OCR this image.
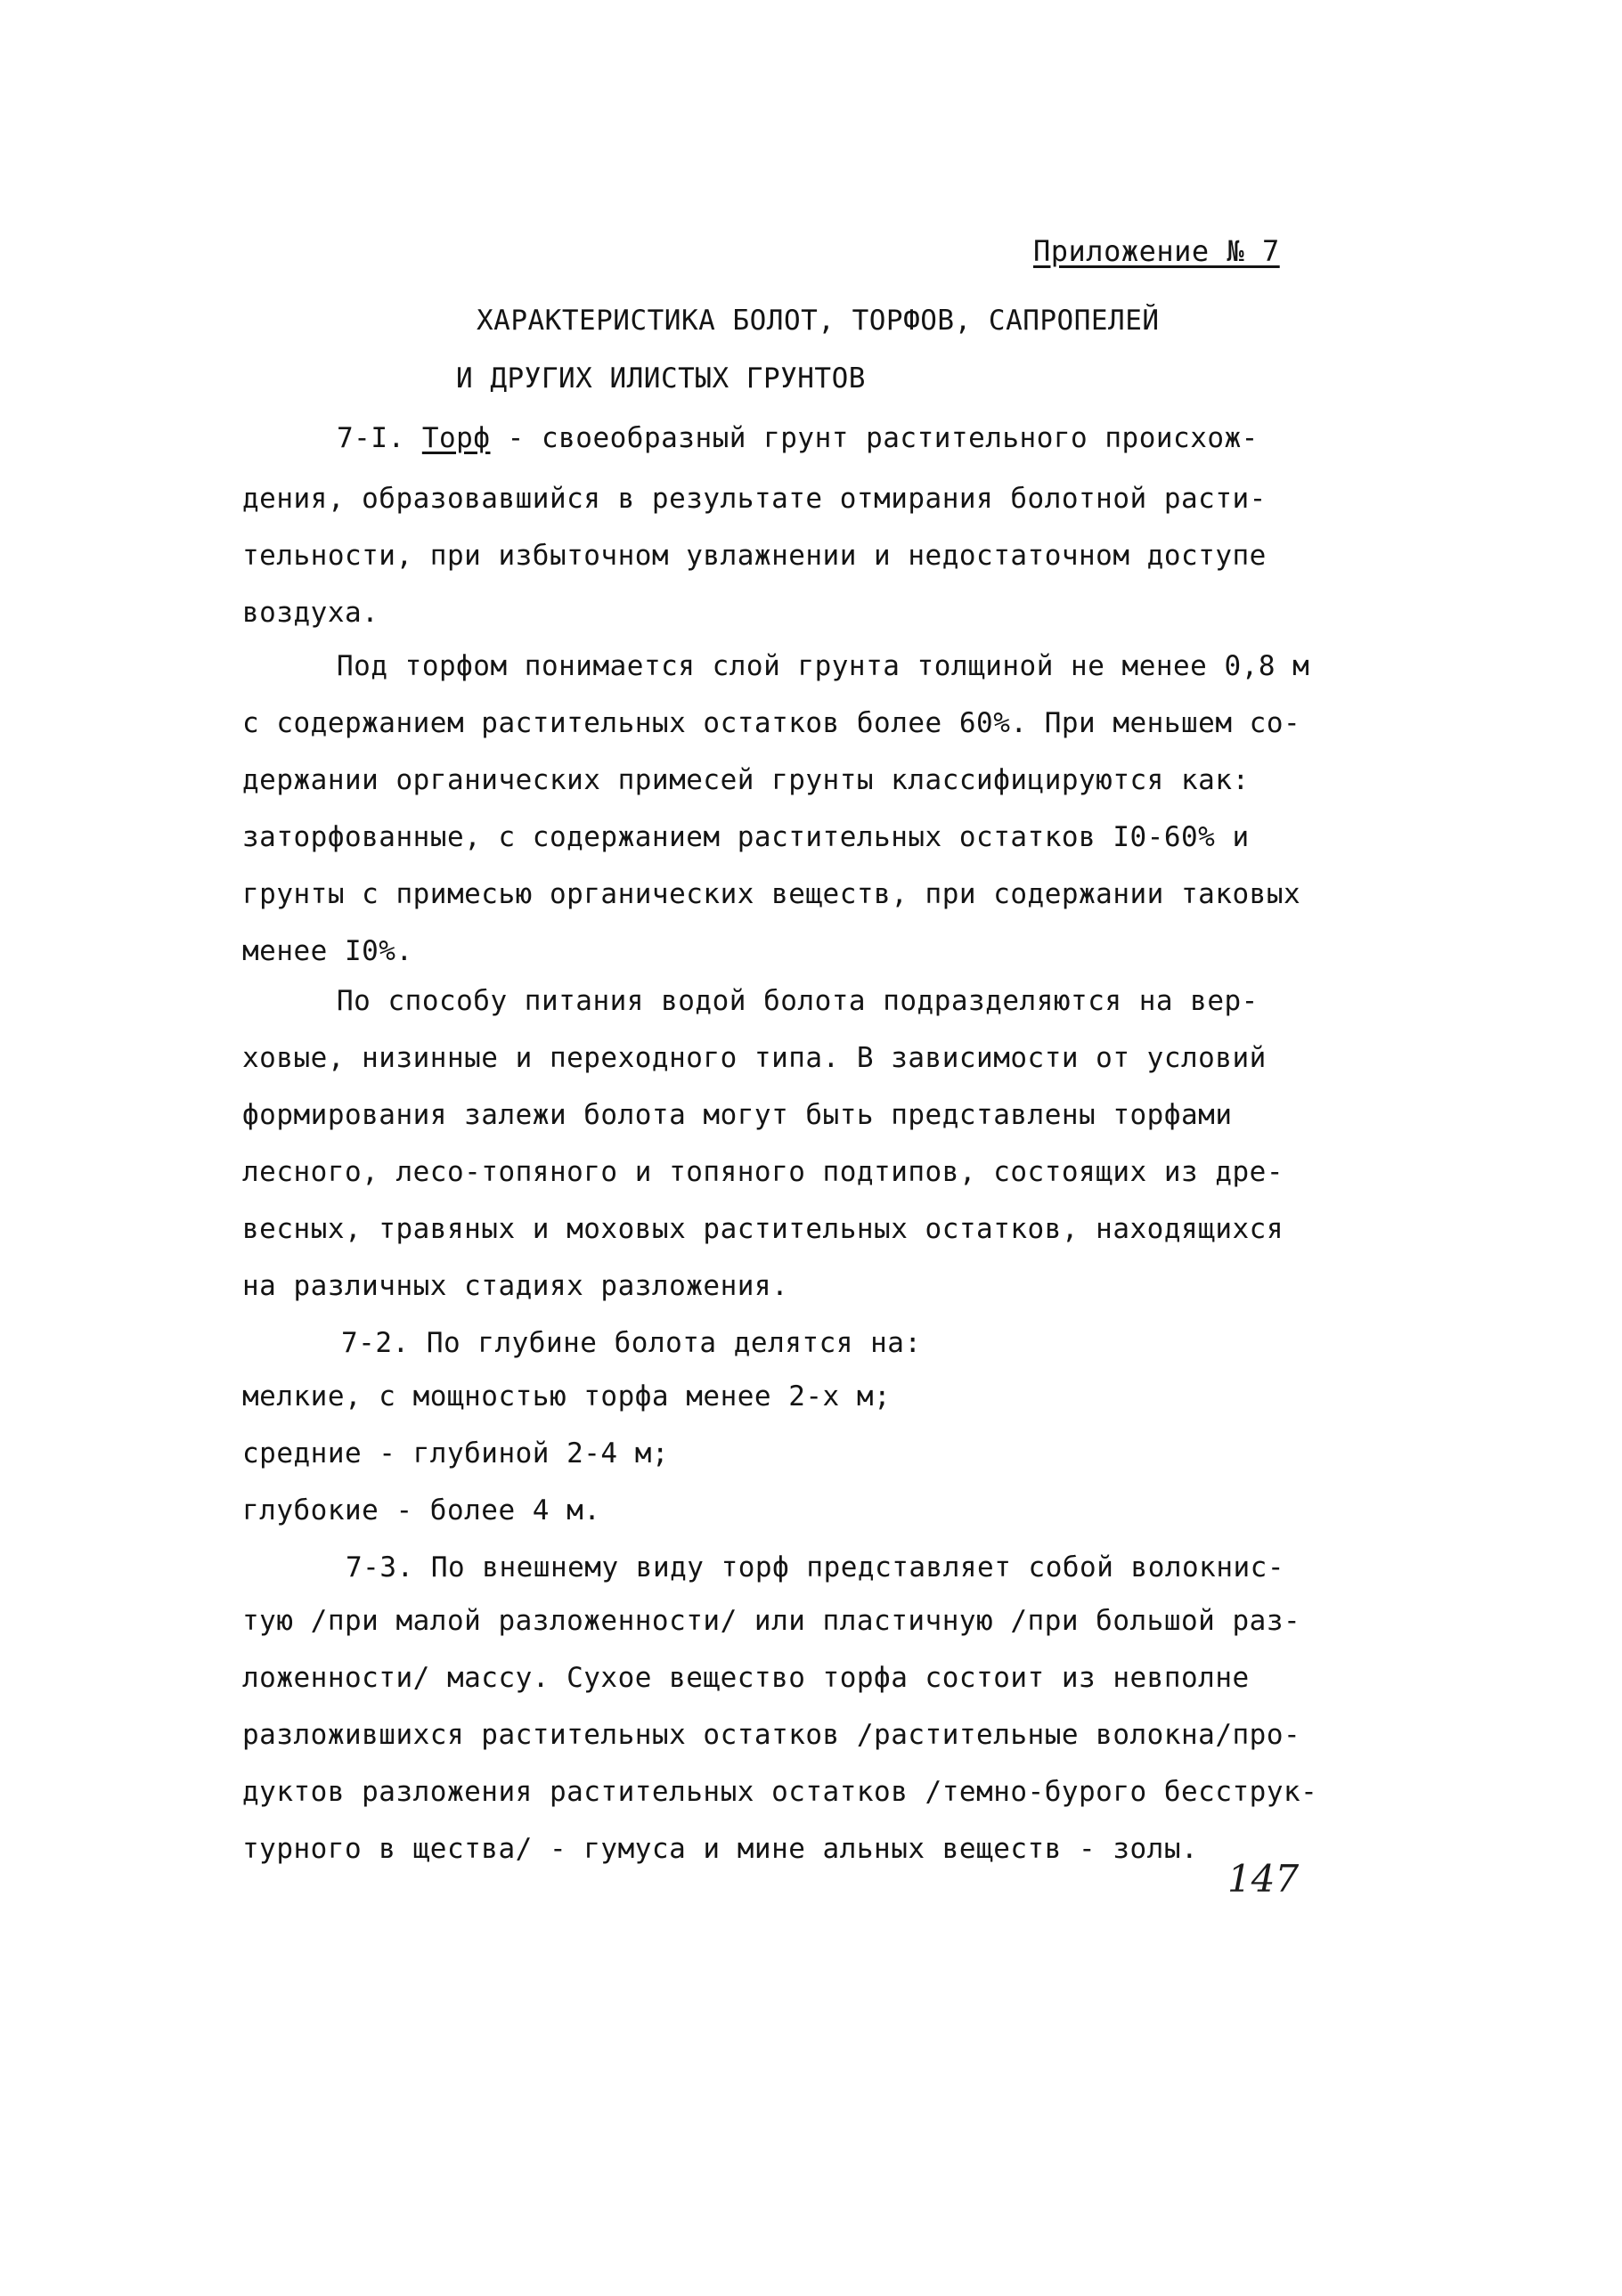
Приложение № 7
ХАРАКТЕРИСТИКА БОЛОТ, ТОРФОВ, САПРОПЕЛЕЙ
И ДРУГИХ ИЛИСТЫХ ГРУНТОВ
7-I. Торф - своеобразный грунт растительного происхож-
дения, образовавшийся в результате отмирания болотной расти-
тельности, при избыточном увлажнении и недостаточном доступе
воздуха.
Под торфом понимается слой грунта толщиной не менее 0,8 м
с содержанием растительных остатков более 60%. При меньшем со-
держании органических примесей грунты классифицируются как:
заторфованные, с содержанием растительных остатков I0-60% и
грунты с примесью органических веществ, при содержании таковых
менее I0%.
По способу питания водой болота подразделяются на вер-
ховые, низинные и переходного типа. В зависимости от условий
формирования залежи болота могут быть представлены торфами
лесного, лесо-топяного и топяного подтипов, состоящих из дре-
весных, травяных и моховых растительных остатков, находящихся
на различных стадиях разложения.
7-2. По глубине болота делятся на:
мелкие, с мощностью торфа менее 2-х м;
средние - глубиной 2-4 м;
глубокие - более 4 м.
7-3. По внешнему виду торф представляет собой волокнис-
тую /при малой разложенности/ или пластичную /при большой раз-
ложенности/ массу. Сухое вещество торфа состоит из невполне
разложившихся растительных остатков /растительные волокна/про-
дуктов разложения растительных остатков /темно-бурого бесструк-
турного в щества/ - гумуса и мине альных веществ - золы.
147
